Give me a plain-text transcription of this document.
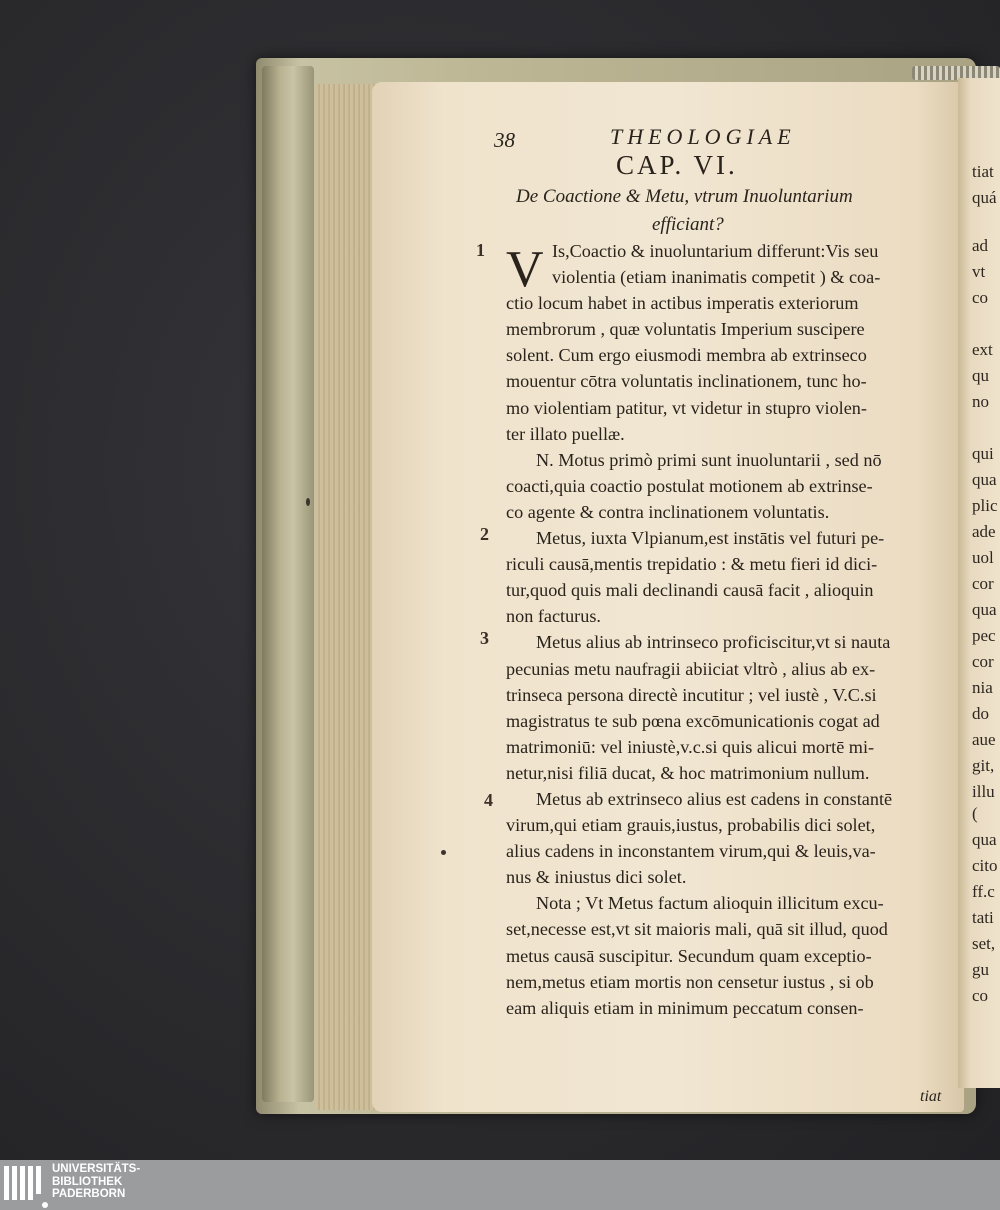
38	THEOLOGIAE
CAP. VI.
De Coactione & Metu, vtrum Inuoluntarium
efficiant?
V
1
2
3
4
Is,Coactio & inuoluntarium differunt:Vis seu
violentia (etiam inanimatis competit ) & coa-
ctio locum habet in actibus imperatis exteriorum
membrorum , quæ voluntatis Imperium suscipere
solent. Cum ergo eiusmodi membra ab extrinseco
mouentur cōtra voluntatis inclinationem, tunc ho-
mo violentiam patitur, vt videtur in stupro violen-
ter illato puellæ.
N. Motus primò primi sunt inuoluntarii , sed nō
coacti,quia coactio postulat motionem ab extrinse-
co agente & contra inclinationem voluntatis.
Metus, iuxta Vlpianum,est instātis vel futuri pe-
riculi causā,mentis trepidatio : & metu fieri id dici-
tur,quod quis mali declinandi causā facit , alioquin
non facturus.
Metus alius ab intrinseco proficiscitur,vt si nauta
pecunias metu naufragii abiiciat vltrò , alius ab ex-
trinseca persona directè incutitur ; vel iustè , V.C.si
magistratus te sub pœna excōmunicationis cogat ad
matrimoniū: vel iniustè,v.c.si quis alicui mortē mi-
netur,nisi filiā ducat, & hoc matrimonium nullum.
Metus ab extrinseco alius est cadens in constantē
virum,qui etiam grauis,iustus, probabilis dici solet,
alius cadens in inconstantem virum,qui & leuis,va-
nus & iniustus dici solet.
Nota ; Vt Metus factum alioquin illicitum excu-
set,necesse est,vt sit maioris mali, quā sit illud, quod
metus causā suscipitur. Secundum quam exceptio-
nem,metus etiam mortis non censetur iustus , si ob
eam aliquis etiam in minimum peccatum consen-
tiat
tiat
quá
ad
vt
co
ext
qu
no
qui
qua
plic
ade
uol
cor
qua
pec
cor
nia
do
aue
git,
illu
(
qua
cito
ff.c
tati
set,
gu
co
UNIVERSITÄTS-
BIBLIOTHEK
PADERBORN
